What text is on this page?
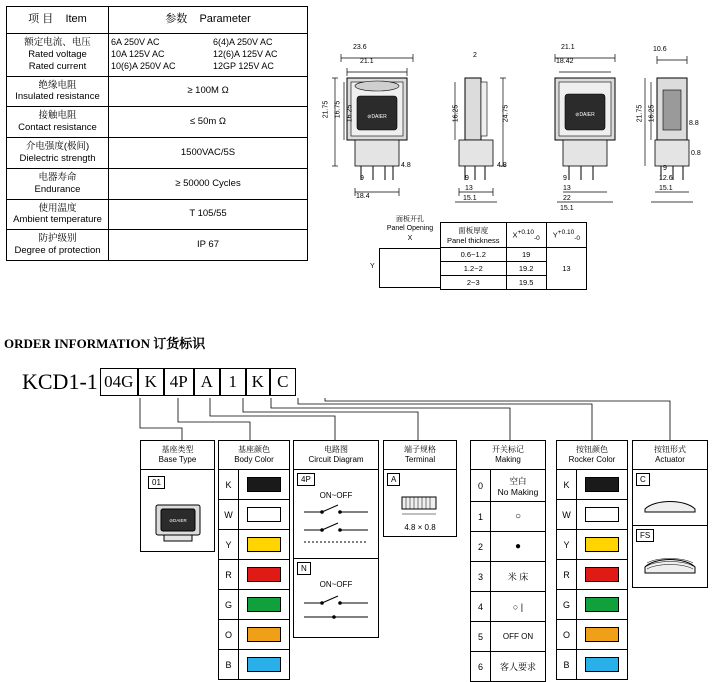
项 目 Item	参数 Parameter

额定电流、电压
Rated voltage
Rated current

6A 250V AC	6(4)A 250V AC
10A 125V AC	12(6)A 125V AC
10(6)A 250V AC	12GP 125V AC

绝缘电阻
Insulated resistance	≥ 100M Ω

接触电阻
Contact resistance	≤ 50m Ω

介电强度(极间)
Dielectric strength	1500VAC/5S

电器寿命
Endurance	≥ 50000 Cycles

使用温度
Ambient temperature	T 105/55

防护级别
Degree of protection	IP 67
⊘DAIER
23.6
21.1
21.75 16.75 16.25
9
4.8
18.4
2
16.25	24.75
4.8
9
13
15.1
⊘DAIER
21.1
18.42
9
13
22
15.1
10.6
21.75 16.25
8.8
0.8
9
12.6
15.1
面板开孔
Panel Opening
X
Y
面板厚度
Panel thickness	$X^{+0.10}_{-0}$	$Y^{+0.10}_{-0}$
0.6~1.2	19	13
1.2~2	19.2	
2~3	19.5	
ORDER INFORMATION 订货标识
KCD1-1 04G K 4P A 1 K C
基座类型
Base Type
01
⊘DAIER
基座颜色
Body Color
K
W
Y
R
G
O
B
电路图
Circuit Diagram
4P
ON~OFF
N
ON~OFF
端子规格
Terminal
A
4.8 × 0.8
开关标记
Making
0	空白
No Making
1	○
2	●
3	米 床
4	○ |
5	OFF ON
6	客人要求
按钮颜色
Rocker Color
K
W
Y
R
G
O
B
按钮形式
Actuator
C
FS
